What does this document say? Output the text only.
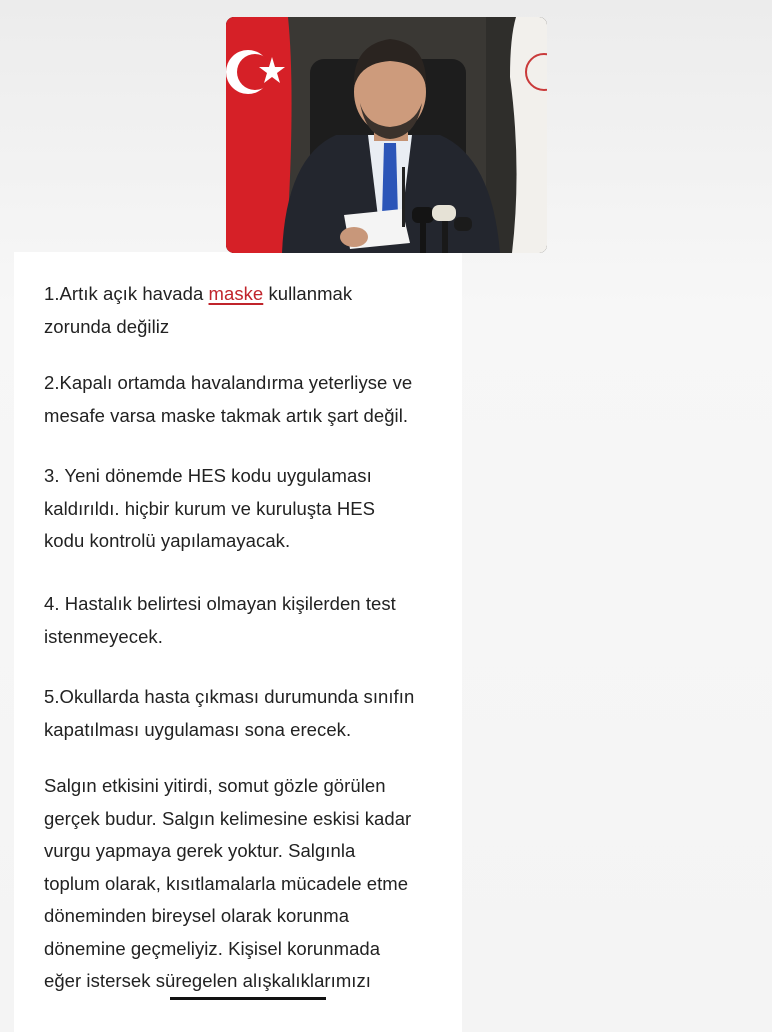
1.Artık açık havada maske kullanmak
zorunda değiliz

2.Kapalı ortamda havalandırma yeterliyse ve
mesafe varsa maske takmak artık şart değil.

3. Yeni dönemde HES kodu uygulaması
kaldırıldı. hiçbir kurum ve kuruluşta HES
kodu kontrolü yapılamayacak.

4. Hastalık belirtesi olmayan kişilerden test
istenmeyecek.

5.Okullarda hasta çıkması durumunda sınıfın
kapatılması uygulaması sona erecek.

Salgın etkisini yitirdi, somut gözle görülen
gerçek budur. Salgın kelimesine eskisi kadar
vurgu yapmaya gerek yoktur. Salgınla
toplum olarak, kısıtlamalarla mücadele etme
döneminden bireysel olarak korunma
dönemine geçmeliyiz. Kişisel korunmada
eğer istersek süregelen alışkalıklarımızı
